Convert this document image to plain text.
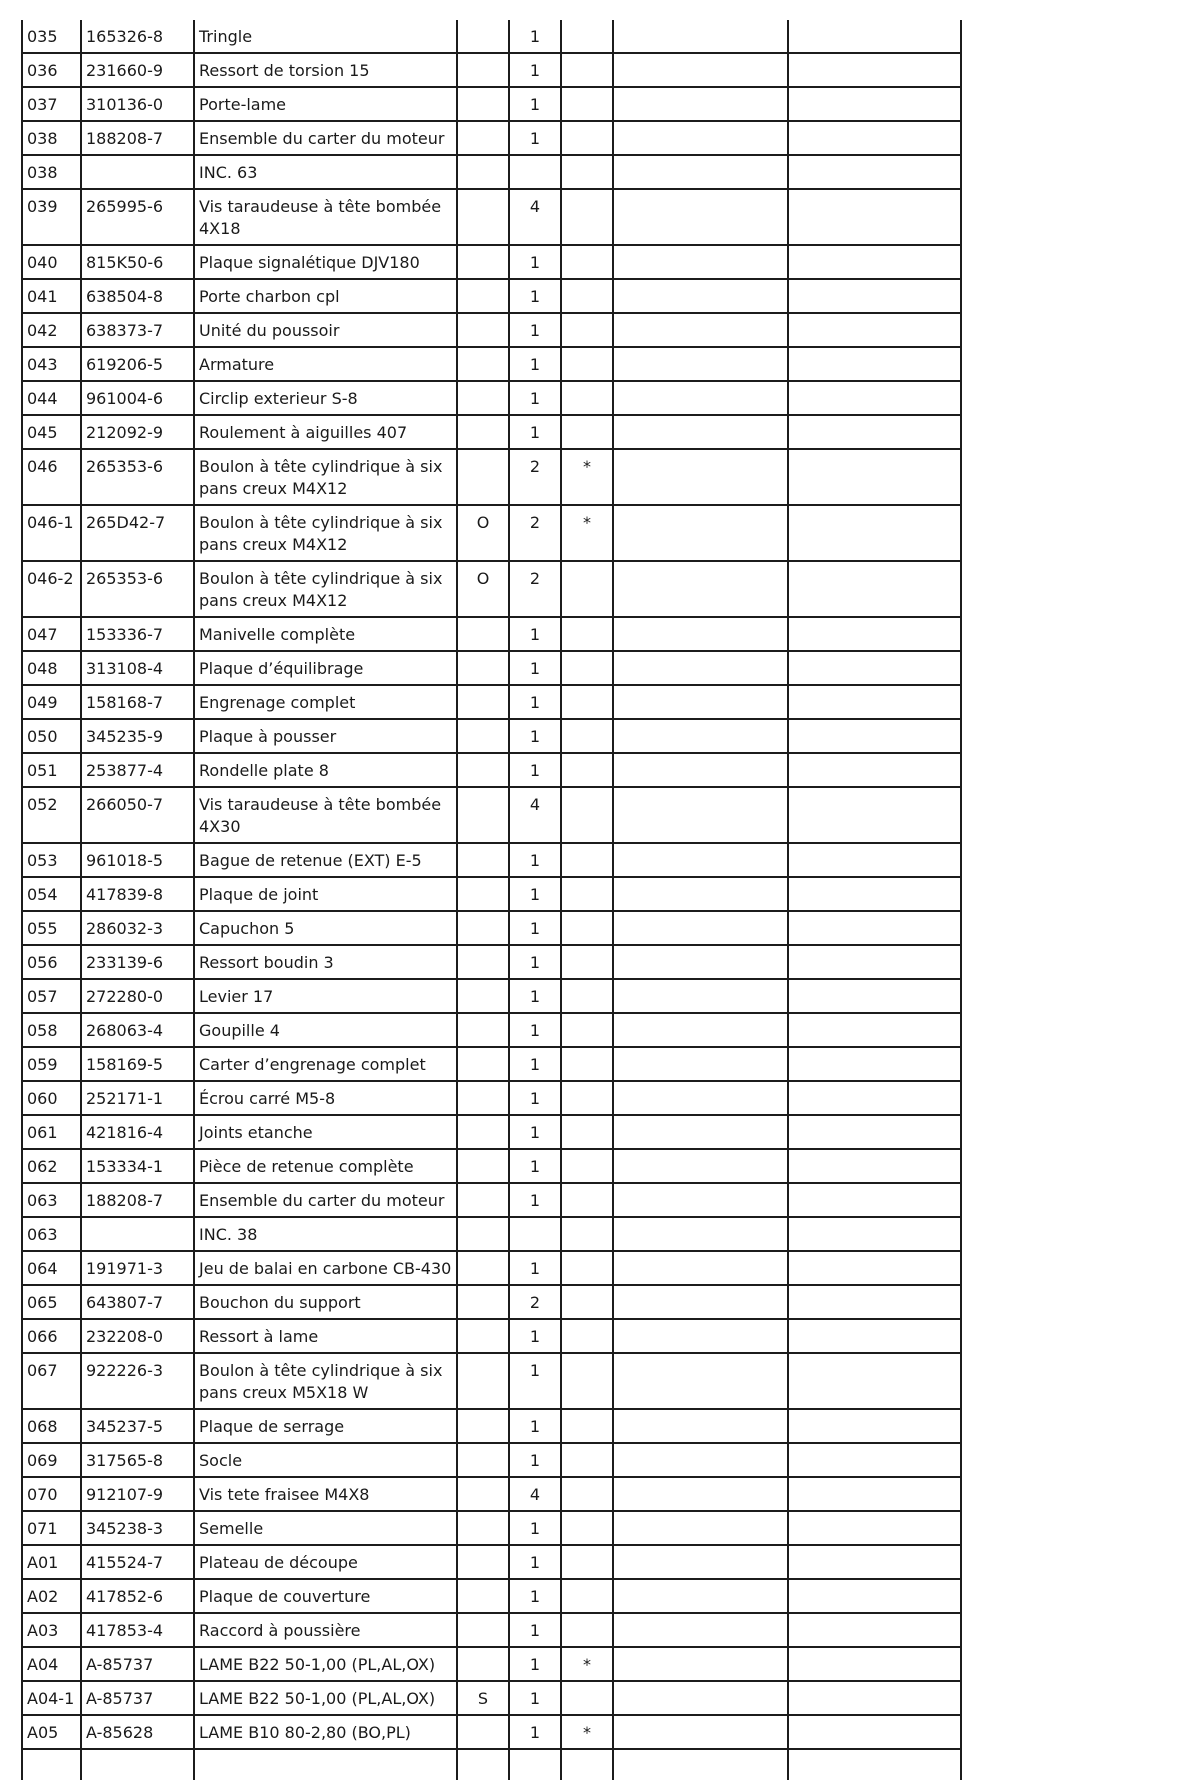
035	165326-8	Tringle		1			
036	231660-9	Ressort de torsion 15		1			
037	310136-0	Porte-lame		1			
038	188208-7	Ensemble du carter du moteur		1			
038		INC. 63					
039	265995-6	Vis taraudeuse à tête bombée 4X18		4			
040	815K50-6	Plaque signalétique DJV180		1			
041	638504-8	Porte charbon cpl		1			
042	638373-7	Unité du poussoir		1			
043	619206-5	Armature		1			
044	961004-6	Circlip exterieur S-8		1			
045	212092-9	Roulement à aiguilles 407		1			
046	265353-6	Boulon à tête cylindrique à six pans creux M4X12		2	*		
046-1	265D42-7	Boulon à tête cylindrique à six pans creux M4X12	O	2	*		
046-2	265353-6	Boulon à tête cylindrique à six pans creux M4X12	O	2			
047	153336-7	Manivelle complète		1			
048	313108-4	Plaque d’équilibrage		1			
049	158168-7	Engrenage complet		1			
050	345235-9	Plaque à pousser		1			
051	253877-4	Rondelle plate 8		1			
052	266050-7	Vis taraudeuse à tête bombée 4X30		4			
053	961018-5	Bague de retenue (EXT) E-5		1			
054	417839-8	Plaque de joint		1			
055	286032-3	Capuchon 5		1			
056	233139-6	Ressort boudin 3		1			
057	272280-0	Levier 17		1			
058	268063-4	Goupille 4		1			
059	158169-5	Carter d’engrenage complet		1			
060	252171-1	Écrou carré M5-8		1			
061	421816-4	Joints etanche		1			
062	153334-1	Pièce de retenue complète		1			
063	188208-7	Ensemble du carter du moteur		1			
063		INC. 38					
064	191971-3	Jeu de balai en carbone CB-430		1			
065	643807-7	Bouchon du support		2			
066	232208-0	Ressort à lame		1			
067	922226-3	Boulon à tête cylindrique à six pans creux M5X18 W		1			
068	345237-5	Plaque de serrage		1			
069	317565-8	Socle		1			
070	912107-9	Vis tete fraisee M4X8		4			
071	345238-3	Semelle		1			
A01	415524-7	Plateau de découpe		1			
A02	417852-6	Plaque de couverture		1			
A03	417853-4	Raccord à poussière		1			
A04	A-85737	LAME B22 50-1,00 (PL,AL,OX)		1	*		
A04-1	A-85737	LAME B22 50-1,00 (PL,AL,OX)	S	1			
A05	A-85628	LAME B10 80-2,80 (BO,PL)		1	*		
